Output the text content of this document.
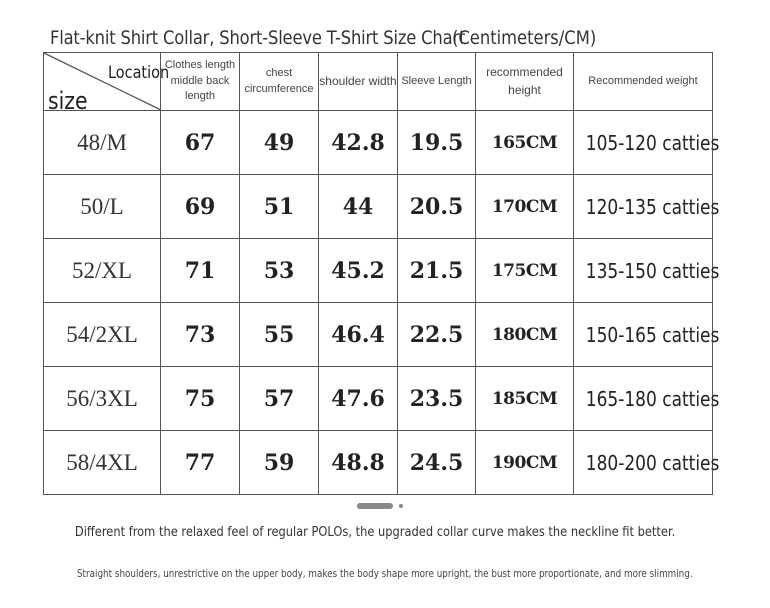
Flat-knit Shirt Collar, Short-Sleeve T-Shirt Size Chart
(Centimeters/CM)
Location
size	Clothes length middle back length	chest circumference	shoulder width	Sleeve Length	recommended height	Recommended weight
48/M	67	49	42.8	19.5	165CM	105-120 catties
50/L	69	51	44	20.5	170CM	120-135 catties
52/XL	71	53	45.2	21.5	175CM	135-150 catties
54/2XL	73	55	46.4	22.5	180CM	150-165 catties
56/3XL	75	57	47.6	23.5	185CM	165-180 catties
58/4XL	77	59	48.8	24.5	190CM	180-200 catties
Different from the relaxed feel of regular POLOs, the upgraded collar curve makes the neckline fit better.
Straight shoulders, unrestrictive on the upper body, makes the body shape more upright, the bust more proportionate, and more slimming.
